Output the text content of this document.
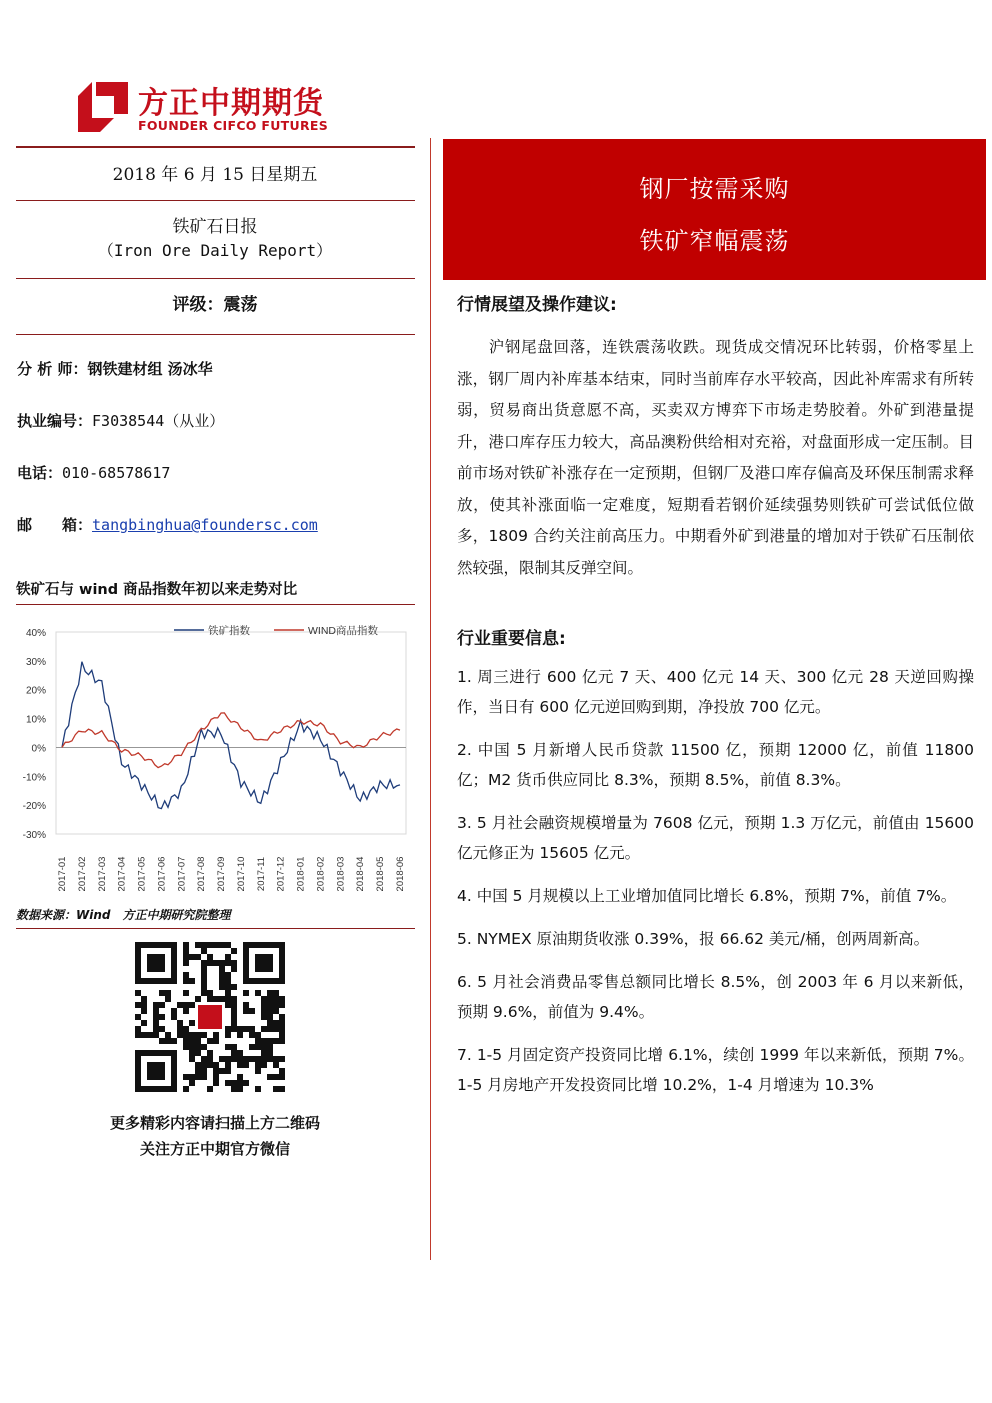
方正中期期货
FOUNDER CIFCO FUTURES
2018 年 6 月 15 日星期五
铁矿石日报
（Iron Ore Daily Report）
评级：震荡
分 析 师：钢铁建材组 汤冰华
执业编号：F3038544（从业）
电话：010-68578617
邮　　箱：tangbinghua@foundersc.com
铁矿石与 wind 商品指数年初以来走势对比
40%
30%
20%
10%
0%
-10%
-20%
-30%
2017-01 2017-02 2017-03 2017-04 2017-05 2017-06 2017-07 2017-08 2017-09 2017-10 2017-11 2017-12 2018-01 2018-02 2018-03 2018-04 2018-05 2018-06
铁矿指数	WIND商品指数
数据来源：Wind　方正中期研究院整理
更多精彩内容请扫描上方二维码
关注方正中期官方微信
钢厂按需采购
铁矿窄幅震荡
行情展望及操作建议:
沪钢尾盘回落，连铁震荡收跌。现货成交情况环比转弱，价格零星上涨，钢厂周内补库基本结束，同时当前库存水平较高，因此补库需求有所转弱，贸易商出货意愿不高，买卖双方博弈下市场走势胶着。外矿到港量提升，港口库存压力较大，高品澳粉供给相对充裕，对盘面形成一定压制。目前市场对铁矿补涨存在一定预期，但钢厂及港口库存偏高及环保压制需求释放，使其补涨面临一定难度，短期看若钢价延续强势则铁矿可尝试低位做多，1809 合约关注前高压力。中期看外矿到港量的增加对于铁矿石压制依然较强，限制其反弹空间。
行业重要信息:
1. 周三进行 600 亿元 7 天、400 亿元 14 天、300 亿元 28 天逆回购操作，当日有 600 亿元逆回购到期，净投放 700 亿元。
2. 中国 5 月新增人民币贷款 11500 亿，预期 12000 亿，前值 11800 亿；M2 货币供应同比 8.3%，预期 8.5%，前值 8.3%。
3. 5 月社会融资规模增量为 7608 亿元，预期 1.3 万亿元，前值由 15600 亿元修正为 15605 亿元。
4. 中国 5 月规模以上工业增加值同比增长 6.8%，预期 7%，前值 7%。
5. NYMEX 原油期货收涨 0.39%，报 66.62 美元/桶，创两周新高。
6. 5 月社会消费品零售总额同比增长 8.5%，创 2003 年 6 月以来新低，预期 9.6%，前值为 9.4%。
7. 1-5 月固定资产投资同比增 6.1%，续创 1999 年以来新低，预期 7%。1-5 月房地产开发投资同比增 10.2%，1-4 月增速为 10.3%
